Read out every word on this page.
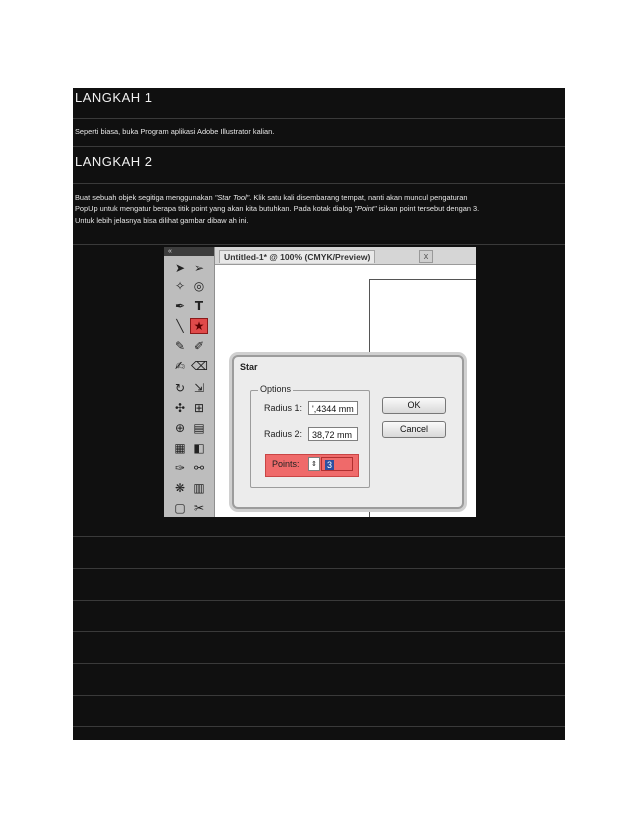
LANGKAH 1
Seperti biasa, buka Program aplikasi Adobe Illustrator kalian.
LANGKAH 2
Buat sebuah objek segitiga menggunakan "Star Tool". Klik satu kali disembarang tempat, nanti akan muncul pengaturan
PopUp untuk mengatur berapa titik point yang akan kita butuhkan. Pada kotak dialog "Point" isikan point tersebut dengan 3.
Untuk lebih jelasnya bisa dilihat gambar dibaw ah ini.
«
➤ ➢
✧ ◎
✒ T
╲ ★
✎ ✐
✍ ⌫
↻ ⇲
✣ ⊞
⊕ ▤
▦ ◧
✑ ⚯
❋ ▥
▢ ✂
Untitled-1* @ 100% (CMYK/Preview)	x
Star
Options
Radius 1:	',4344 mm
Radius 2:	38,72 mm
Points:	⇕	3
OK
Cancel
